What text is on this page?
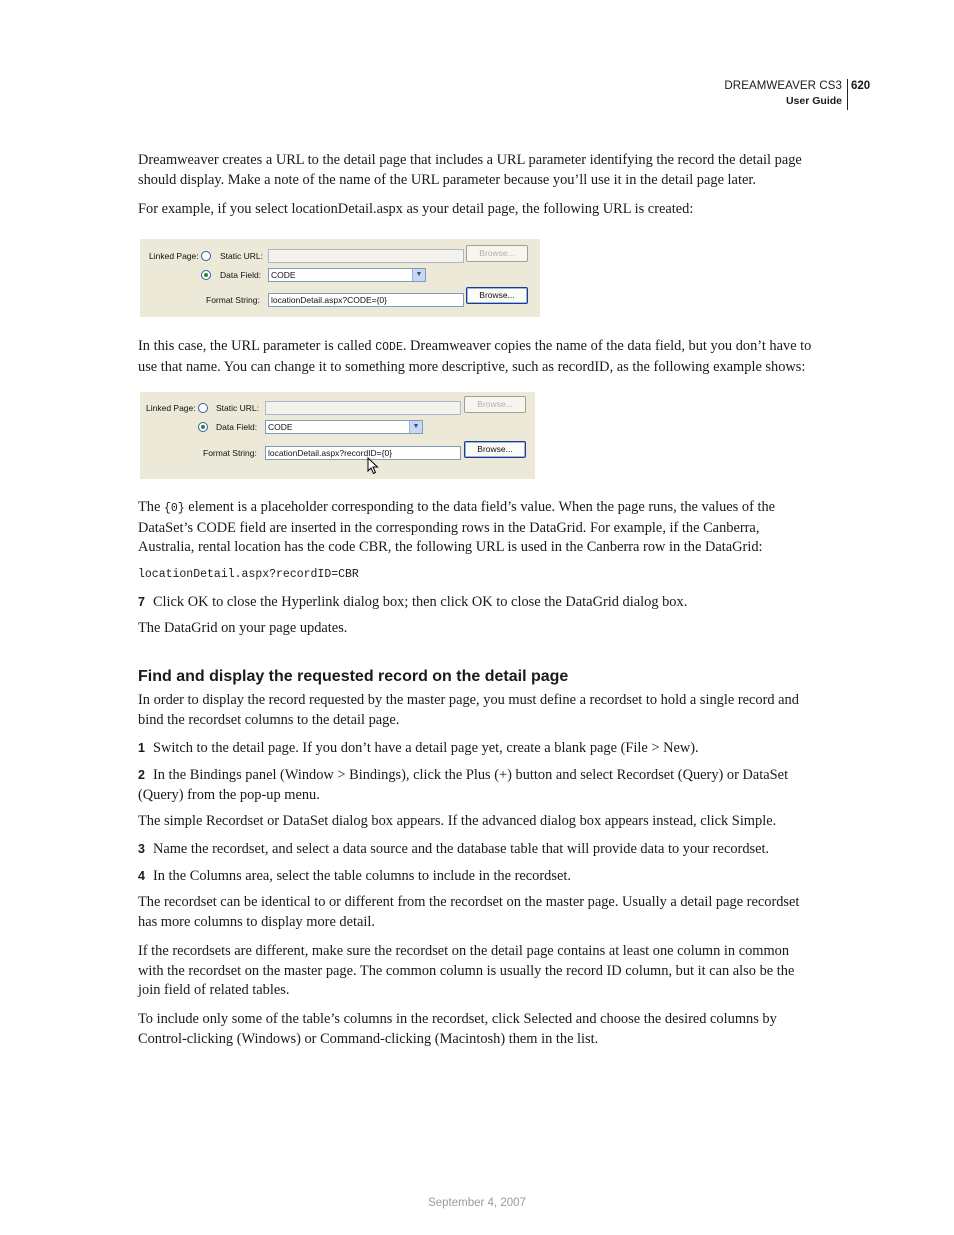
DREAMWEAVER CS3
User Guide
620

Dreamweaver creates a URL to the detail page that includes a URL parameter identifying the record the detail page should display. Make a note of the name of the URL parameter because you’ll use it in the detail page later.

For example, if you select locationDetail.aspx as your detail page, the following URL is created:

Linked Page:	Static URL:	Browse...
Data Field:	CODE	▼
Format String:	locationDetail.aspx?CODE={0}	Browse...

In this case, the URL parameter is called CODE. Dreamweaver copies the name of the data field, but you don’t have to use that name. You can change it to something more descriptive, such as recordID, as the following example shows:

Linked Page: Static URL:	Browse...
Data Field:	CODE	▼
Format String:	locationDetail.aspx?recordID={0}	Browse...

The {0} element is a placeholder corresponding to the data field’s value. When the page runs, the values of the DataSet’s CODE field are inserted in the corresponding rows in the DataGrid. For example, if the Canberra, Australia, rental location has the code CBR, the following URL is used in the Canberra row in the DataGrid:

locationDetail.aspx?recordID=CBR

7 Click OK to close the Hyperlink dialog box; then click OK to close the DataGrid dialog box.

The DataGrid on your page updates.

Find and display the requested record on the detail page

In order to display the record requested by the master page, you must define a recordset to hold a single record and bind the recordset columns to the detail page.

1 Switch to the detail page. If you don’t have a detail page yet, create a blank page (File > New).

2 In the Bindings panel (Window > Bindings), click the Plus (+) button and select Recordset (Query) or DataSet (Query) from the pop-up menu.

The simple Recordset or DataSet dialog box appears. If the advanced dialog box appears instead, click Simple.

3 Name the recordset, and select a data source and the database table that will provide data to your recordset.

4 In the Columns area, select the table columns to include in the recordset.

The recordset can be identical to or different from the recordset on the master page. Usually a detail page recordset has more columns to display more detail.

If the recordsets are different, make sure the recordset on the detail page contains at least one column in common with the recordset on the master page. The common column is usually the record ID column, but it can also be the join field of related tables.

To include only some of the table’s columns in the recordset, click Selected and choose the desired columns by Control-clicking (Windows) or Command-clicking (Macintosh) them in the list.

September 4, 2007
